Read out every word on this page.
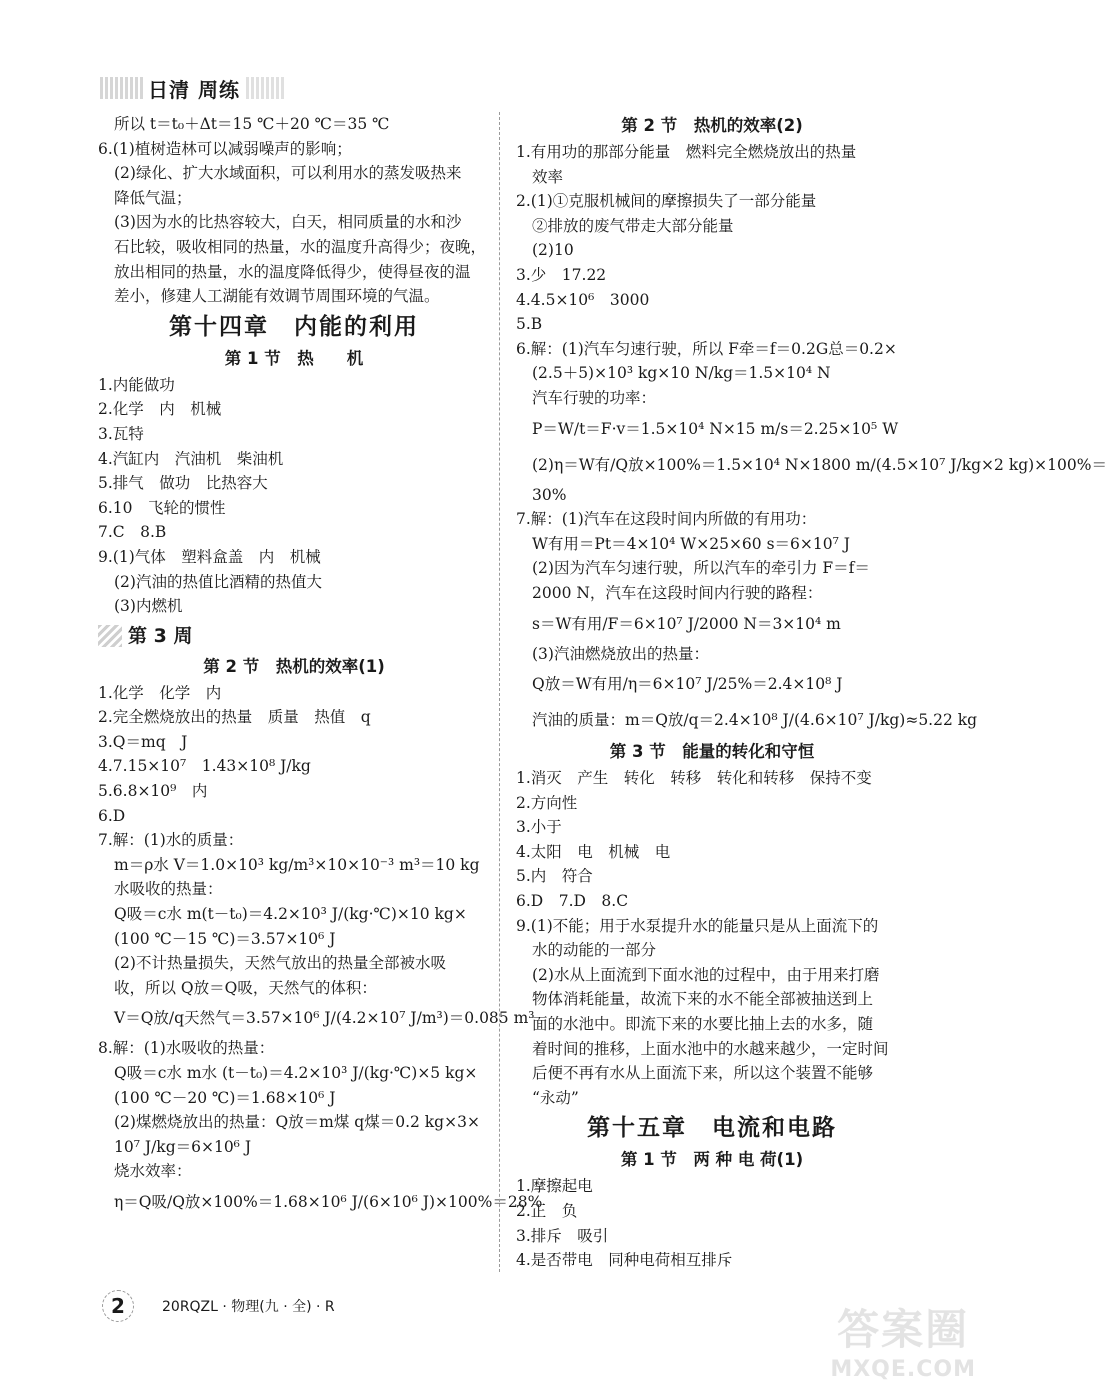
日清 周练
所以 t＝t₀＋Δt＝15 ℃＋20 ℃＝35 ℃
6.(1)植树造林可以减弱噪声的影响；
(2)绿化、扩大水域面积，可以利用水的蒸发吸热来
降低气温；
(3)因为水的比热容较大，白天，相同质量的水和沙
石比较，吸收相同的热量，水的温度升高得少；夜晚，
放出相同的热量，水的温度降低得少，使得昼夜的温
差小，修建人工湖能有效调节周围环境的气温。
第十四章　内能的利用
第 1 节　热　　机
1.内能做功
2.化学　内　机械
3.瓦特
4.汽缸内　汽油机　柴油机
5.排气　做功　比热容大
6.10　飞轮的惯性
7.C　8.B
9.(1)气体　塑料盒盖　内　机械
(2)汽油的热值比酒精的热值大
(3)内燃机
第 3 周
第 2 节　热机的效率(1)
1.化学　化学　内
2.完全燃烧放出的热量　质量　热值　q
3.Q＝mq　J
4.7.15×10⁷　1.43×10⁸ J/kg
5.6.8×10⁹　内
6.D
7.解：(1)水的质量：
m＝ρ水 V＝1.0×10³ kg/m³×10×10⁻³ m³＝10 kg
水吸收的热量：
Q吸＝c水 m(t－t₀)＝4.2×10³ J/(kg·℃)×10 kg×
(100 ℃－15 ℃)＝3.57×10⁶ J
(2)不计热量损失，天然气放出的热量全部被水吸
收，所以 Q放＝Q吸，天然气的体积：
V＝Q放/q天然气＝3.57×10⁶ J/(4.2×10⁷ J/m³)＝0.085 m³
8.解：(1)水吸收的热量：
Q吸＝c水 m水 (t－t₀)＝4.2×10³ J/(kg·℃)×5 kg×
(100 ℃－20 ℃)＝1.68×10⁶ J
(2)煤燃烧放出的热量：Q放＝m煤 q煤＝0.2 kg×3×
10⁷ J/kg＝6×10⁶ J
烧水效率：
η＝Q吸/Q放×100%＝1.68×10⁶ J/(6×10⁶ J)×100%＝28%
第 2 节　热机的效率(2)
1.有用功的那部分能量　燃料完全燃烧放出的热量
效率
2.(1)①克服机械间的摩擦损失了一部分能量
②排放的废气带走大部分能量
(2)10
3.少　17.22
4.4.5×10⁶　3000
5.B
6.解：(1)汽车匀速行驶，所以 F牵＝f＝0.2G总＝0.2×
(2.5＋5)×10³ kg×10 N/kg＝1.5×10⁴ N
汽车行驶的功率：
P＝W/t＝F·v＝1.5×10⁴ N×15 m/s＝2.25×10⁵ W
(2)η＝W有/Q放×100%＝1.5×10⁴ N×1800 m/(4.5×10⁷ J/kg×2 kg)×100%＝
30%
7.解：(1)汽车在这段时间内所做的有用功：
W有用＝Pt＝4×10⁴ W×25×60 s＝6×10⁷ J
(2)因为汽车匀速行驶，所以汽车的牵引力 F＝f＝
2000 N，汽车在这段时间内行驶的路程：
s＝W有用/F＝6×10⁷ J/2000 N＝3×10⁴ m
(3)汽油燃烧放出的热量：
Q放＝W有用/η＝6×10⁷ J/25%＝2.4×10⁸ J
汽油的质量：m＝Q放/q＝2.4×10⁸ J/(4.6×10⁷ J/kg)≈5.22 kg
第 3 节　能量的转化和守恒
1.消灭　产生　转化　转移　转化和转移　保持不变
2.方向性
3.小于
4.太阳　电　机械　电
5.内　符合
6.D　7.D　8.C
9.(1)不能；用于水泵提升水的能量只是从上面流下的
水的动能的一部分
(2)水从上面流到下面水池的过程中，由于用来打磨
物体消耗能量，故流下来的水不能全部被抽送到上
面的水池中。即流下来的水要比抽上去的水多，随
着时间的推移，上面水池中的水越来越少，一定时间
后便不再有水从上面流下来，所以这个装置不能够
“永动”
第十五章　电流和电路
第 1 节　两 种 电 荷(1)
1.摩擦起电
2.正　负
3.排斥　吸引
4.是否带电　同种电荷相互排斥
2	20RQZL · 物理(九 · 全) · R	答案圈
MXQE.COM
